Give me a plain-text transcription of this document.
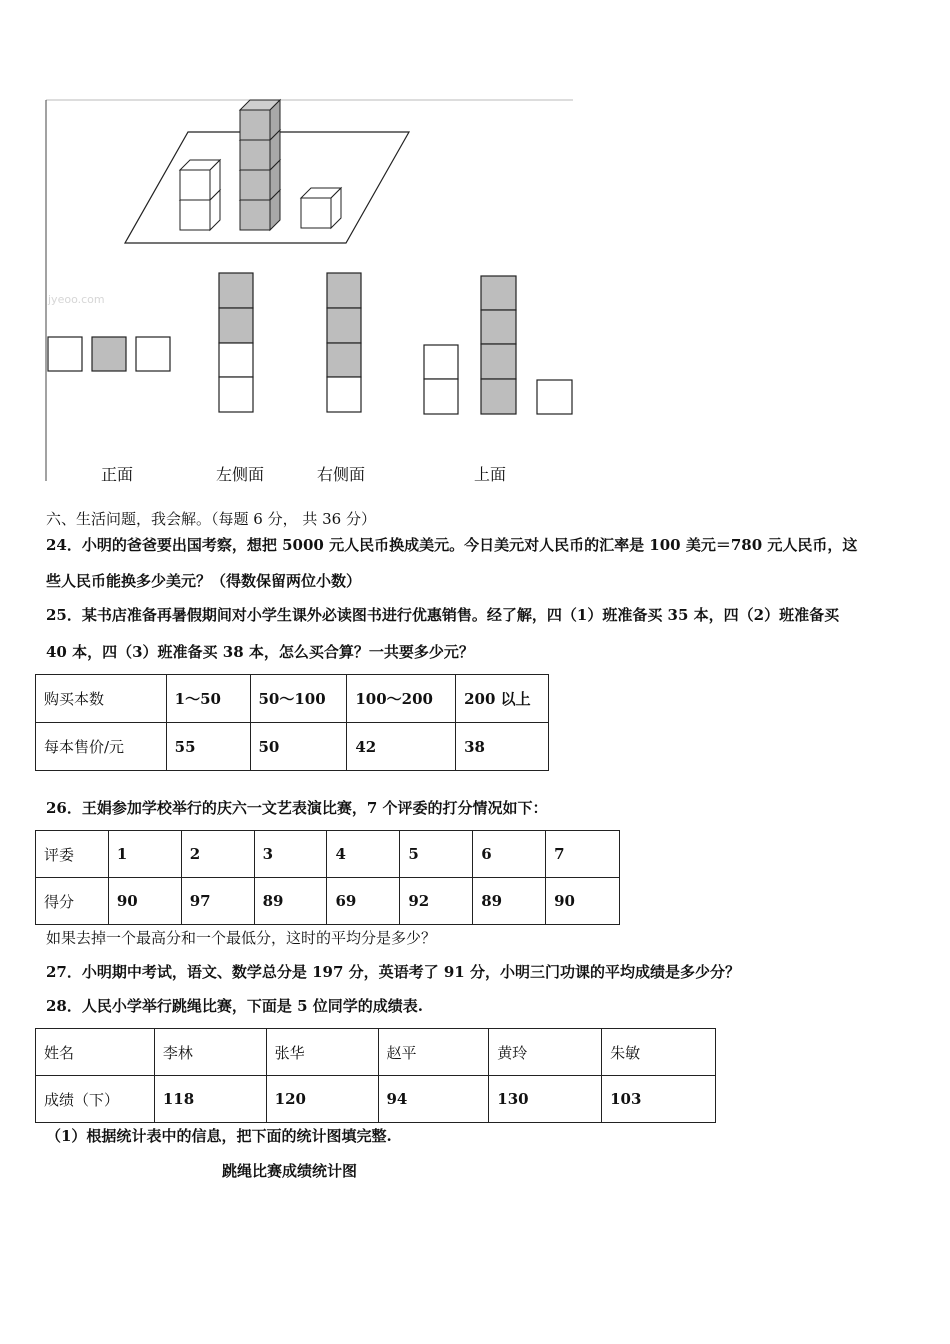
jyeoo.com
正面	左侧面	右侧面	上面
六、生活问题，我会解。（每题 6 分， 共 36 分）
24．小明的爸爸要出国考察，想把 5000 元人民币换成美元。今日美元对人民币的汇率是 100 美元＝780 元人民币，这
些人民币能换多少美元？（得数保留两位小数）
25．某书店准备再暑假期间对小学生课外必读图书进行优惠销售。经了解，四（1）班准备买 35 本，四（2）班准备买
40 本，四（3）班准备买 38 本，怎么买合算？一共要多少元？
购买本数	1～50	50～100	100～200	200 以上
每本售价/元	55	50	42	38
26．王娟参加学校举行的庆六一文艺表演比赛，7 个评委的打分情况如下：
评委	1	2	3	4	5	6	7
得分	90	97	89	69	92	89	90
如果去掉一个最高分和一个最低分，这时的平均分是多少？
27．小明期中考试，语文、数学总分是 197 分，英语考了 91 分，小明三门功课的平均成绩是多少分？
28．人民小学举行跳绳比赛，下面是 5 位同学的成绩表.
姓名	李林	张华	赵平	黄玲	朱敏
成绩（下）	118	120	94	130	103
（1）根据统计表中的信息，把下面的统计图填完整.
跳绳比赛成绩统计图
